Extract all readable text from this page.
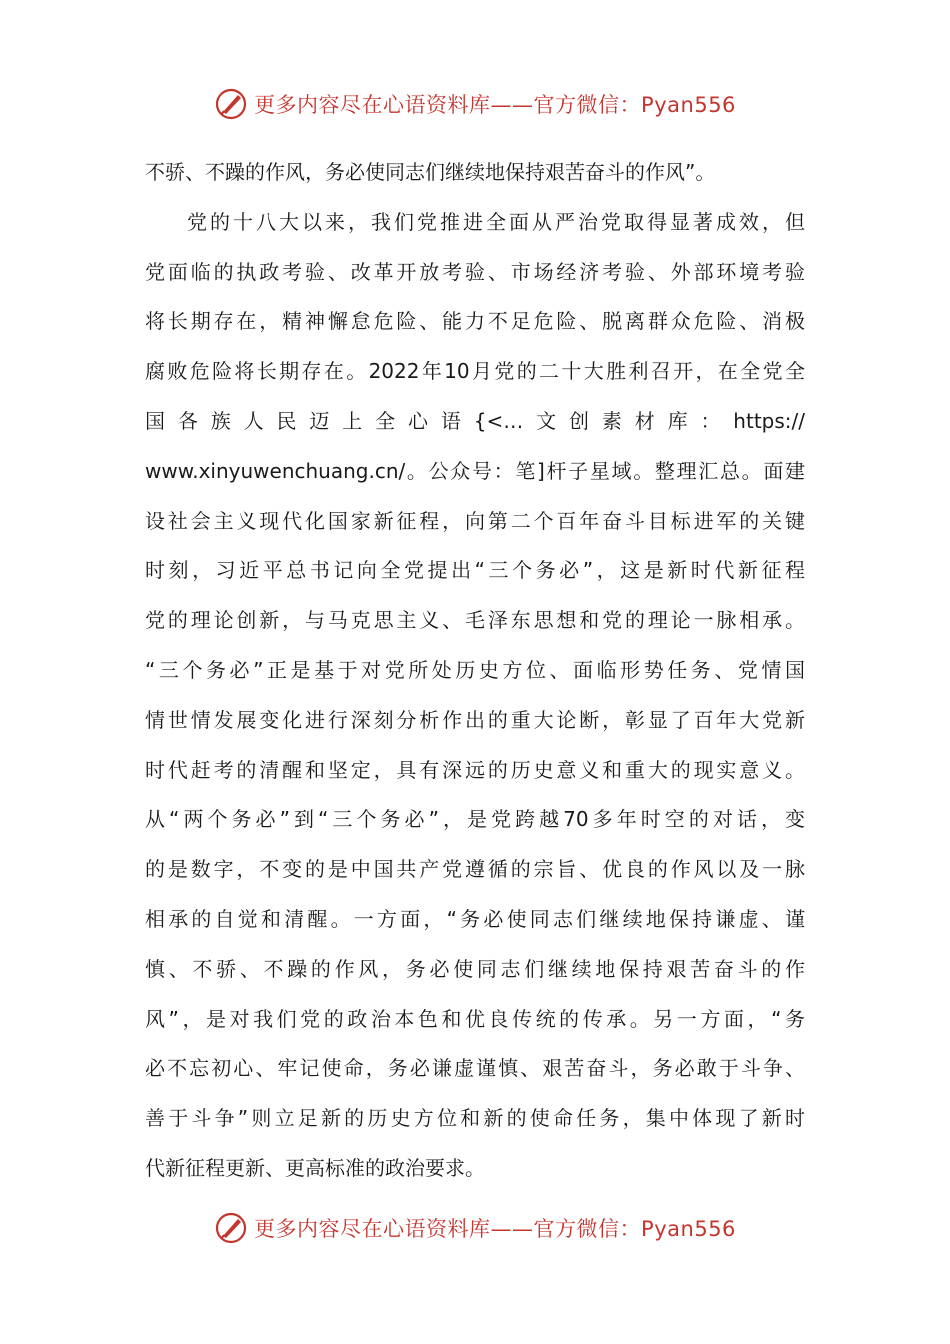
更多内容尽在心语资料库——官方微信：Pyan556
不骄、不躁的作风，务必使同志们继续地保持艰苦奋斗的作风”。
党的十八大以来，我们党推进全面从严治党取得显著成效，但
党面临的执政考验、改革开放考验、市场经济考验、外部环境考验
将长期存在，精神懈怠危险、能力不足危险、脱离群众危险、消极
腐败危险将长期存在。2022年10月党的二十大胜利召开，在全党全
国各族人民迈上全心语{<…文创素材库：https://
www.xinyuwenchuang.cn/。公众号：笔]杆子星域。整理汇总。面建
设社会主义现代化国家新征程，向第二个百年奋斗目标进军的关键
时刻，习近平总书记向全党提出“三个务必”，这是新时代新征程
党的理论创新，与马克思主义、毛泽东思想和党的理论一脉相承。
“三个务必”正是基于对党所处历史方位、面临形势任务、党情国
情世情发展变化进行深刻分析作出的重大论断，彰显了百年大党新
时代赶考的清醒和坚定，具有深远的历史意义和重大的现实意义。
从“两个务必”到“三个务必”，是党跨越70多年时空的对话，变
的是数字，不变的是中国共产党遵循的宗旨、优良的作风以及一脉
相承的自觉和清醒。一方面，“务必使同志们继续地保持谦虚、谨
慎、不骄、不躁的作风，务必使同志们继续地保持艰苦奋斗的作
风”，是对我们党的政治本色和优良传统的传承。另一方面，“务
必不忘初心、牢记使命，务必谦虚谨慎、艰苦奋斗，务必敢于斗争、
善于斗争”则立足新的历史方位和新的使命任务，集中体现了新时
代新征程更新、更高标准的政治要求。
更多内容尽在心语资料库——官方微信：Pyan556
